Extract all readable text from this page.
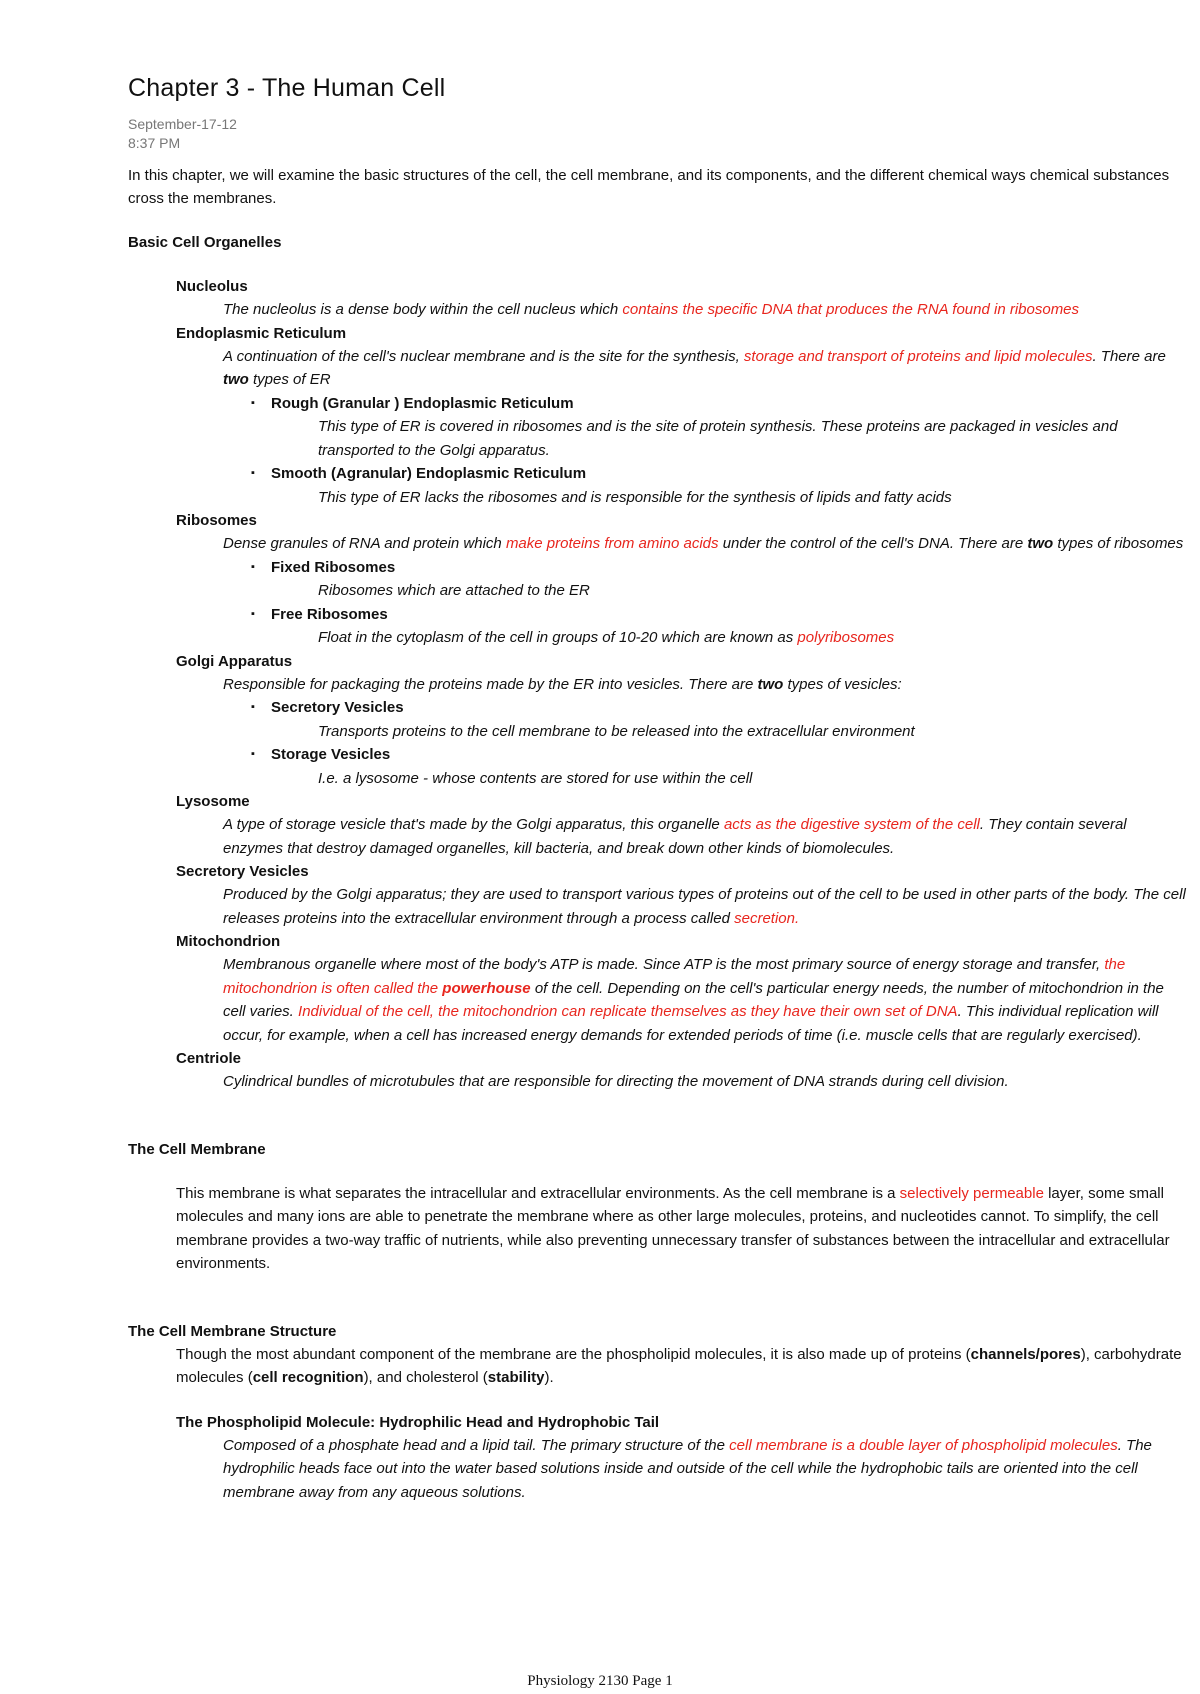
Chapter 3 - The Human Cell
September-17-12
8:37 PM
In this chapter, we will examine the basic structures of the cell, the cell membrane, and its components, and the different chemical ways chemical substances cross the membranes.
Basic Cell Organelles
Nucleolus
The nucleolus is a dense body within the cell nucleus which contains the specific DNA that produces the RNA found in ribosomes
Endoplasmic Reticulum
A continuation of the cell's nuclear membrane and is the site for the synthesis, storage and transport of proteins and lipid molecules. There are two types of ER
▪ Rough (Granular ) Endoplasmic Reticulum
This type of ER is covered in ribosomes and is the site of protein synthesis. These proteins are packaged in vesicles and transported to the Golgi apparatus.
▪ Smooth (Agranular) Endoplasmic Reticulum
This type of ER lacks the ribosomes and is responsible for the synthesis of lipids and fatty acids
Ribosomes
Dense granules of RNA and protein which make proteins from amino acids under the control of the cell's DNA. There are two types of ribosomes
▪ Fixed Ribosomes
Ribosomes which are attached to the ER
▪ Free Ribosomes
Float in the cytoplasm of the cell in groups of 10-20 which are known as polyribosomes
Golgi Apparatus
Responsible for packaging the proteins made by the ER into vesicles. There are two types of vesicles:
▪ Secretory Vesicles
Transports proteins to the cell membrane to be released into the extracellular environment
▪ Storage Vesicles
I.e. a lysosome - whose contents are stored for use within the cell
Lysosome
A type of storage vesicle that's made by the Golgi apparatus, this organelle acts as the digestive system of the cell. They contain several enzymes that destroy damaged organelles, kill bacteria, and break down other kinds of biomolecules.
Secretory Vesicles
Produced by the Golgi apparatus; they are used to transport various types of proteins out of the cell to be used in other parts of the body. The cell releases proteins into the extracellular environment through a process called secretion.
Mitochondrion
Membranous organelle where most of the body's ATP is made. Since ATP is the most primary source of energy storage and transfer, the mitochondrion is often called the powerhouse of the cell. Depending on the cell's particular energy needs, the number of mitochondrion in the cell varies. Individual of the cell, the mitochondrion can replicate themselves as they have their own set of DNA. This individual replication will occur, for example, when a cell has increased energy demands for extended periods of time (i.e. muscle cells that are regularly exercised).
Centriole
Cylindrical bundles of microtubules that are responsible for directing the movement of DNA strands during cell division.
The Cell Membrane
This membrane is what separates the intracellular and extracellular environments. As the cell membrane is a selectively permeable layer, some small molecules and many ions are able to penetrate the membrane where as other large molecules, proteins, and nucleotides cannot. To simplify, the cell membrane provides a two-way traffic of nutrients, while also preventing unnecessary transfer of substances between the intracellular and extracellular environments.
The Cell Membrane Structure
Though the most abundant component of the membrane are the phospholipid molecules, it is also made up of proteins (channels/pores), carbohydrate molecules (cell recognition), and cholesterol (stability).
The Phospholipid Molecule: Hydrophilic Head and Hydrophobic Tail
Composed of a phosphate head and a lipid tail. The primary structure of the cell membrane is a double layer of phospholipid molecules. The hydrophilic heads face out into the water based solutions inside and outside of the cell while the hydrophobic tails are oriented into the cell membrane away from any aqueous solutions.
Physiology 2130 Page 1
